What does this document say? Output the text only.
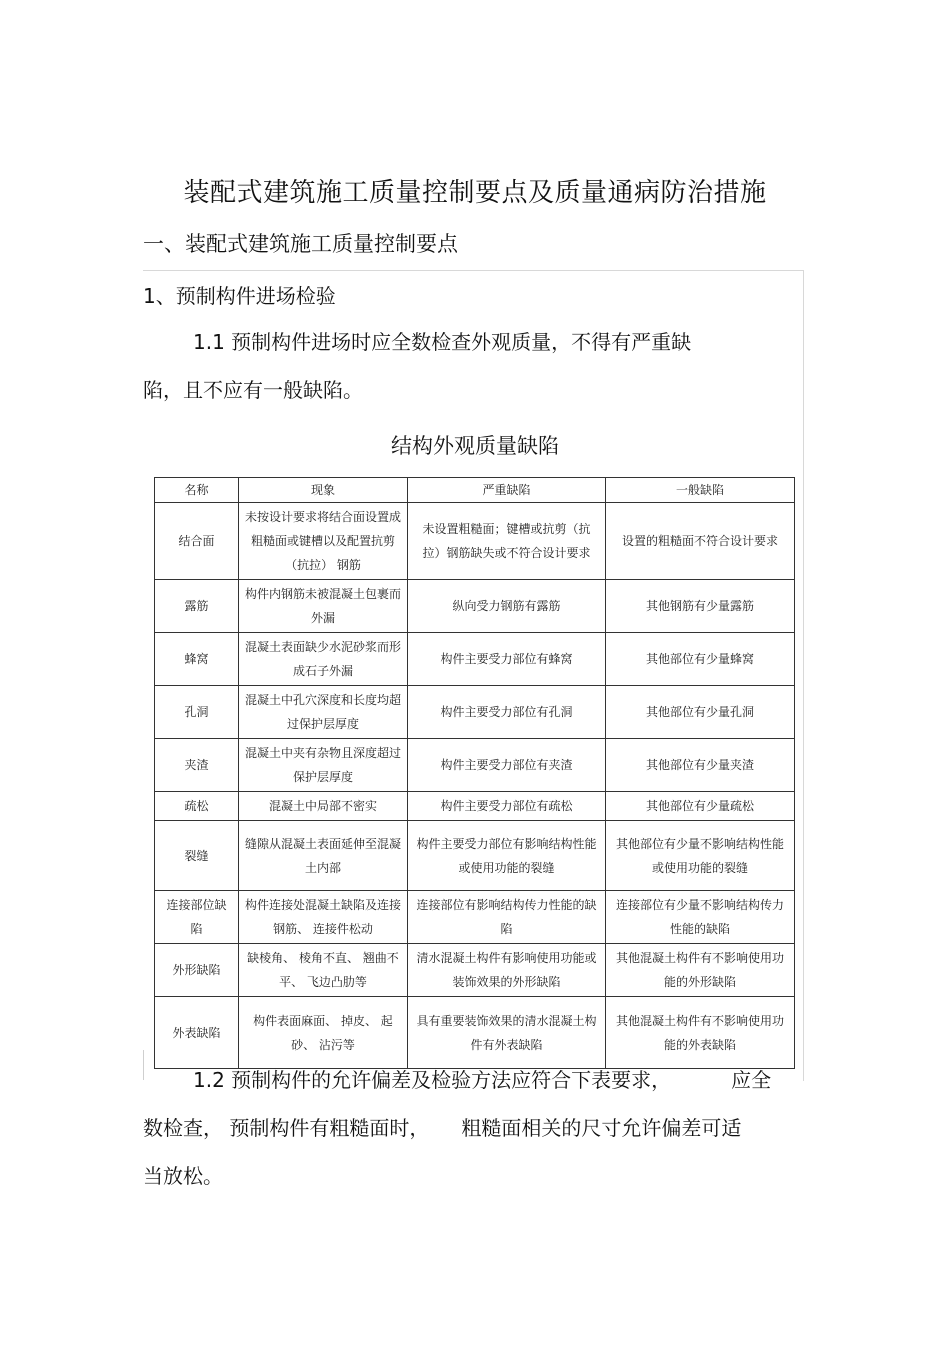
装配式建筑施工质量控制要点及质量通病防治措施
一、装配式建筑施工质量控制要点
1、预制构件进场检验
1.1 预制构件进场时应全数检查外观质量，不得有严重缺
陷，且不应有一般缺陷。
结构外观质量缺陷
名称	现象	严重缺陷	一般缺陷
结合面	未按设计要求将结合面设置成粗糙面或键槽以及配置抗剪 （抗拉） 钢筋	未设置粗糙面；键槽或抗剪（抗拉）钢筋缺失或不符合设计要求	设置的粗糙面不符合设计要求
露筋	构件内钢筋未被混凝土包裹而外漏	纵向受力钢筋有露筋	其他钢筋有少量露筋
蜂窝	混凝土表面缺少水泥砂浆而形成石子外漏	构件主要受力部位有蜂窝	其他部位有少量蜂窝
孔洞	混凝土中孔穴深度和长度均超过保护层厚度	构件主要受力部位有孔洞	其他部位有少量孔洞
夹渣	混凝土中夹有杂物且深度超过保护层厚度	构件主要受力部位有夹渣	其他部位有少量夹渣
疏松	混凝土中局部不密实	构件主要受力部位有疏松	其他部位有少量疏松
裂缝	缝隙从混凝土表面延伸至混凝土内部	构件主要受力部位有影响结构性能或使用功能的裂缝	其他部位有少量不影响结构性能或使用功能的裂缝
连接部位缺陷	构件连接处混凝土缺陷及连接钢筋、 连接件松动	连接部位有影响结构传力性能的缺陷	连接部位有少量不影响结构传力性能的缺陷
外形缺陷	缺棱角、 棱角不直、 翘曲不平、 飞边凸肋等	清水混凝土构件有影响使用功能或装饰效果的外形缺陷	其他混凝土构件有不影响使用功能的外形缺陷
外表缺陷	构件表面麻面、 掉皮、 起砂、 沾污等	具有重要装饰效果的清水混凝土构件有外表缺陷	其他混凝土构件有不影响使用功能的外表缺陷
1.2 预制构件的允许偏差及检验方法应符合下表要求，	应全
数检查， 预制构件有粗糙面时， 粗糙面相关的尺寸允许偏差可适
当放松。
